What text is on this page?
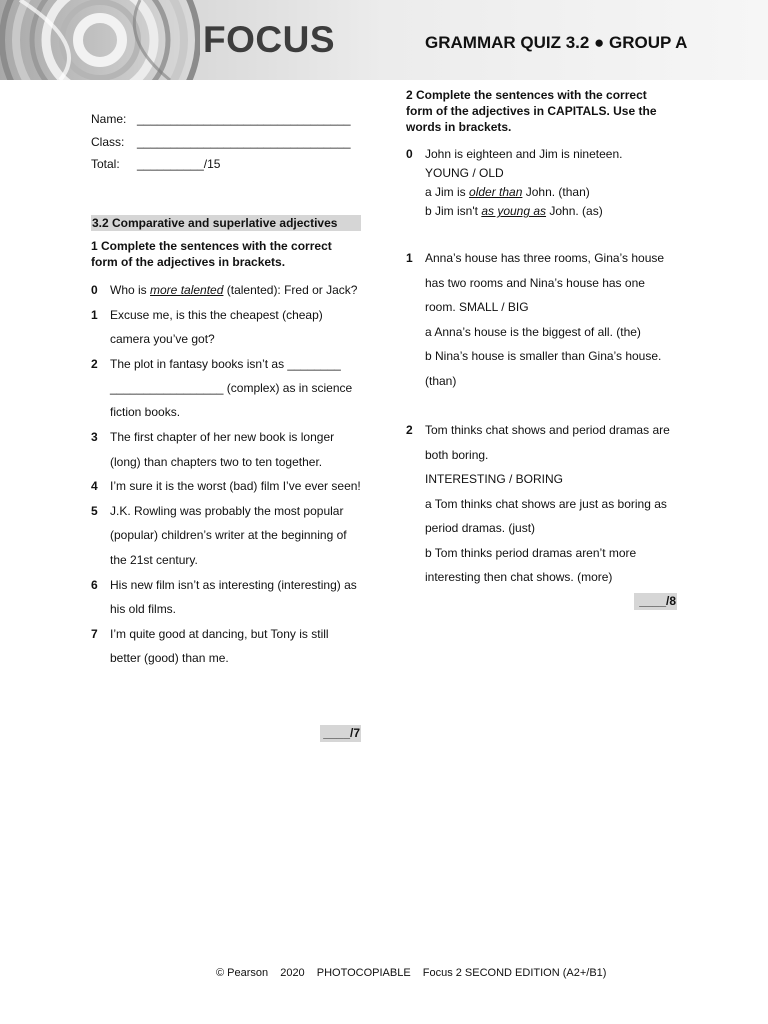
FOCUS	GRAMMAR QUIZ 3.2 ● GROUP A
Name: ________________________________
Class:	________________________________
Total:	__________/15
3.2 Comparative and superlative adjectives
1 Complete the sentences with the correct form of the adjectives in brackets.
0	Who is more talented (talented): Fred or Jack?
1	Excuse me, is this the cheapest (cheap) camera you’ve got?
2	The plot in fantasy books isn’t as ________ _________________ (complex) as in science fiction books.
3	The first chapter of her new book is longer (long) than chapters two to ten together.
4	I’m sure it is the worst (bad) film I’ve ever seen!
5	J.K. Rowling was probably the most popular (popular) children’s writer at the beginning of the 21st century.
6	His new film isn’t as interesting (interesting) as his old films.
7	I’m quite good at dancing, but Tony is still better (good) than me.
____/7
2 Complete the sentences with the correct form of the adjectives in CAPITALS. Use the words in brackets.
0	John is eighteen and Jim is nineteen.
YOUNG / OLD
a Jim is older than John. (than)
b Jim isn't as young as John. (as)
1	Anna’s house has three rooms, Gina’s house has two rooms and Nina’s house has one room. SMALL / BIG
a Anna’s house is the biggest of all. (the)
b Nina’s house is smaller than Gina’s house. (than)
2	Tom thinks chat shows and period dramas are both boring.
INTERESTING / BORING
a Tom thinks chat shows are just as boring as period dramas. (just)
b Tom thinks period dramas aren’t more interesting then chat shows. (more)
____/8
© Pearson 2020 PHOTOCOPIABLE Focus 2 SECOND EDITION (A2+/B1)
